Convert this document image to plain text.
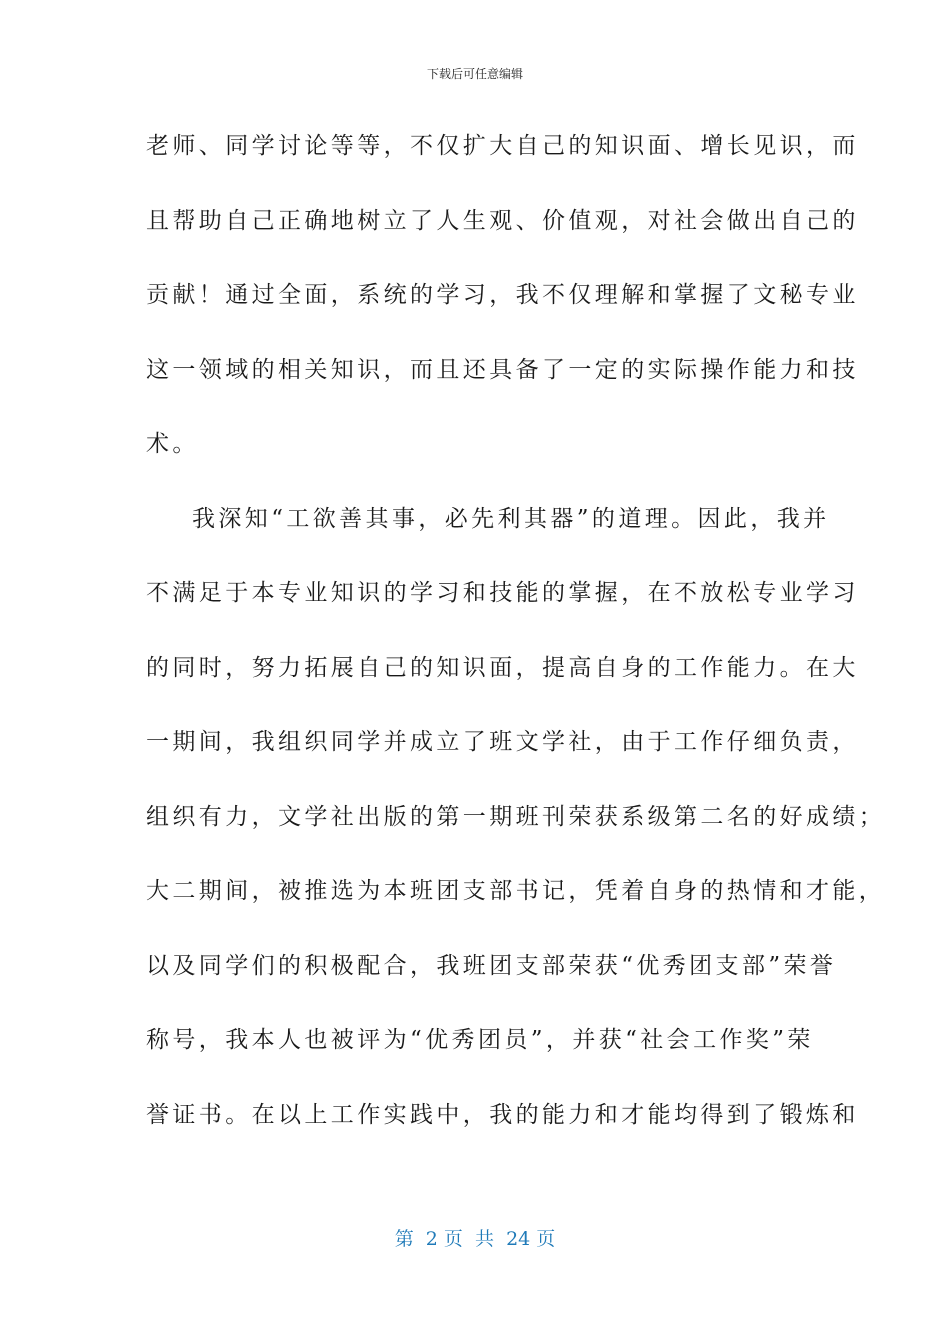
下载后可任意编辑
老师、同学讨论等等，不仅扩大自己的知识面、增长见识，而
且帮助自己正确地树立了人生观、价值观，对社会做出自己的
贡献！通过全面，系统的学习，我不仅理解和掌握了文秘专业
这一领域的相关知识，而且还具备了一定的实际操作能力和技
术。
我深知“工欲善其事，必先利其器”的道理。因此，我并
不满足于本专业知识的学习和技能的掌握，在不放松专业学习
的同时，努力拓展自己的知识面，提高自身的工作能力。在大
一期间，我组织同学并成立了班文学社，由于工作仔细负责，
组织有力，文学社出版的第一期班刊荣获系级第二名的好成绩；
大二期间，被推选为本班团支部书记，凭着自身的热情和才能，
以及同学们的积极配合，我班团支部荣获“优秀团支部”荣誉
称号，我本人也被评为“优秀团员”，并获“社会工作奖”荣
誉证书。在以上工作实践中，我的能力和才能均得到了锻炼和
第  2 页  共  24 页
